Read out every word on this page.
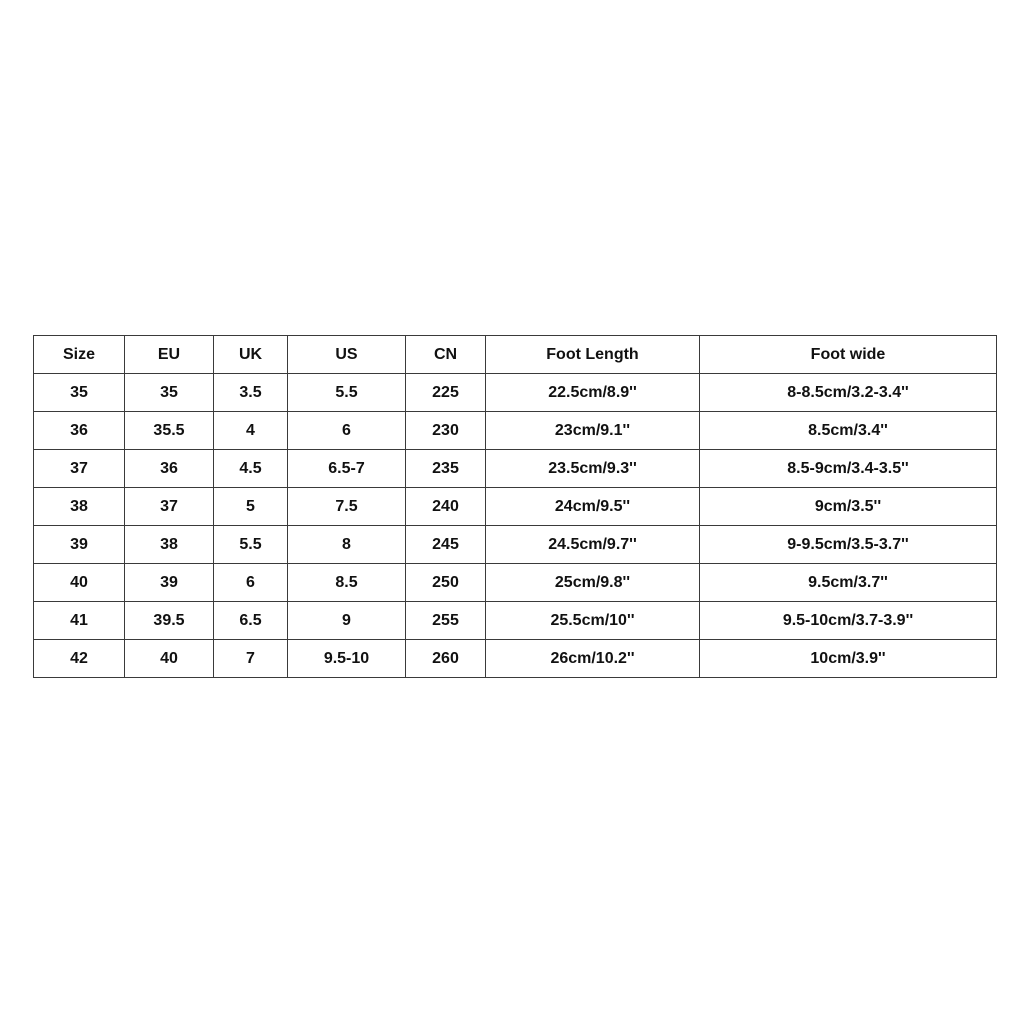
Size	EU	UK	US	CN	Foot Length	Foot wide
35	35	3.5	5.5	225	22.5cm/8.9''	8-8.5cm/3.2-3.4''
36	35.5	4	6	230	23cm/9.1''	8.5cm/3.4''
37	36	4.5	6.5-7	235	23.5cm/9.3''	8.5-9cm/3.4-3.5''
38	37	5	7.5	240	24cm/9.5''	9cm/3.5''
39	38	5.5	8	245	24.5cm/9.7''	9-9.5cm/3.5-3.7''
40	39	6	8.5	250	25cm/9.8''	9.5cm/3.7''
41	39.5	6.5	9	255	25.5cm/10''	9.5-10cm/3.7-3.9''
42	40	7	9.5-10	260	26cm/10.2''	10cm/3.9''
